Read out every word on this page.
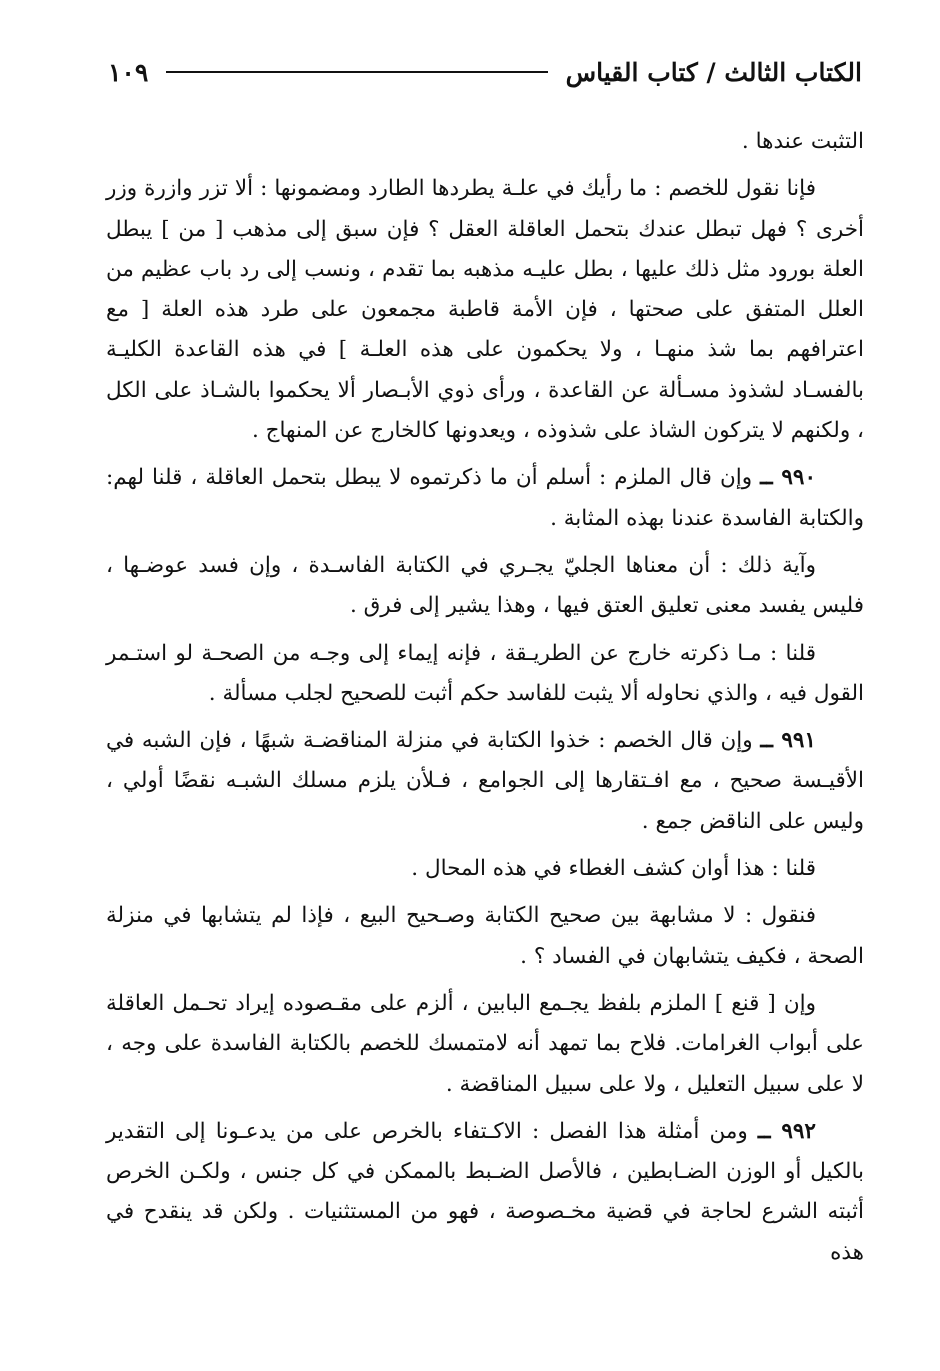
الكتاب الثالث / كتاب القياس
١٠٩

التثبت عندها .

فإنا نقول للخصم : ما رأيك في علـة يطردها الطارد ومضمونها : ألا تزر وازرة وزر أخرى ؟ فهل تبطل عندك بتحمل العاقلة العقل ؟ فإن سبق إلى مذهب [ من ] يبطل العلة بورود مثل ذلك عليها ، بطل عليـه مذهبه بما تقدم ، ونسب إلى رد باب عظيم من العلل المتفق على صحتها ، فإن الأمة قاطبة مجمعون على طرد هذه العلة [ مع اعترافهم بما شذ منهـا ، ولا يحكمون على هذه العلـة ] في هذه القاعدة الكليـة بالفسـاد لشذوذ مسـألة عن القاعدة ، ورأى ذوي الأبـصار ألا يحكموا بالشـاذ على الكل ، ولكنهم لا يتركون الشاذ على شذوذه ، ويعدونها كالخارج عن المنهاج .

٩٩٠ ــ وإن قال الملزم : أسلم أن ما ذكرتموه لا يبطل بتحمل العاقلة ، قلنا لهم: والكتابة الفاسدة عندنا بهذه المثابة .

وآية ذلك : أن معناها الجليّ يجـري في الكتابة الفاسـدة ، وإن فسد عوضـها ، فليس يفسد معنى تعليق العتق فيها ، وهذا يشير إلى فرق .

قلنا : مـا ذكرته خارج عن الطريـقة ، فإنه إيماء إلى وجـه من الصحـة لو استـمر القول فيه ، والذي نحاوله ألا يثبت للفاسد حكم أثبت للصحيح لجلب مسألة .

٩٩١ ــ وإن قال الخصم : خذوا الكتابة في منزلة المناقضـة شبهًا ، فإن الشبه في الأقيـسة صحيح ، مع افـتقارها إلى الجوامع ، فـلأن يلزم مسلك الشبـه نقضًا أولي ، وليس على الناقض جمع .

قلنا : هذا أوان كشف الغطاء في هذه المحال .

فنقول : لا مشابهة بين صحيح الكتابة وصـحيح البيع ، فإذا لم يتشابها في منزلة الصحة ، فكيف يتشابهان في الفساد ؟ .

وإن [ قنع ] الملزم بلفظ يجـمع البابين ، ألزم على مقـصوده إيراد تحـمل العاقلة على أبواب الغرامات. فلاح بما تمهد أنه لامتمسك للخصم بالكتابة الفاسدة على وجه ، لا على سبيل التعليل ، ولا على سبيل المناقضة .

٩٩٢ ــ ومن أمثلة هذا الفصل : الاكـتفاء بالخرص على من يدعـونا إلى التقدير بالكيل أو الوزن الضـابطين ، فالأصل الضـبط بالممكن في كل جنس ، ولكـن الخرص أثبته الشرع لحاجة في قضية مخـصوصة ، فهو من المستثنيات . ولكن قد ينقدح في هذه
